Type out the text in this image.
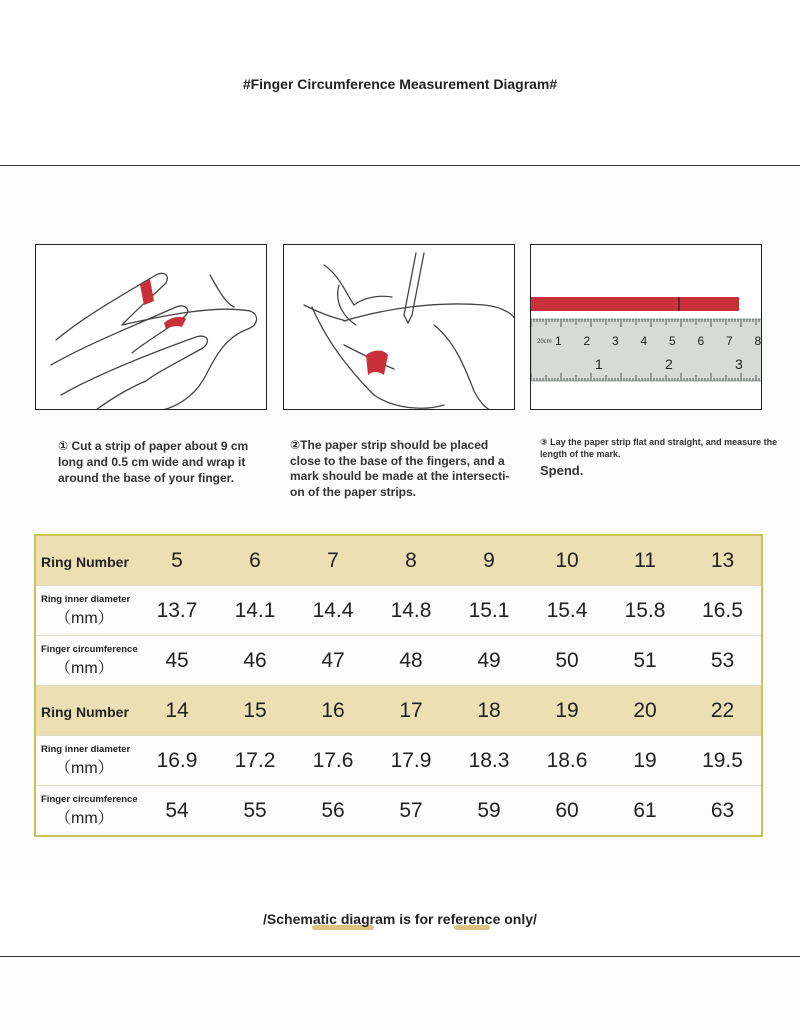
#Finger Circumference Measurement Diagram#
20cm 1 2 3 4 5 6 7 8
1	2	3
① Cut a strip of paper about 9 cm long and 0.5 cm wide and wrap it around the base of your finger.
②The paper strip should be placed close to the base of the fingers, and a mark should be made at the intersecti-on of the paper strips.
③ Lay the paper strip flat and straight, and measure the length of the mark.
Spend.
Ring Number	5	6	7	8	9	10	11	13

Ring inner diameter
（mm）	13.7	14.1	14.4	14.8	15.1	15.4	15.8	16.5

Finger circumference
（mm）	45	46	47	48	49	50	51	53
Ring Number	14	15	16	17	18	19	20	22

Ring inner diameter
（mm）	16.9	17.2	17.6	17.9	18.3	18.6	19	19.5

Finger circumference
（mm）	54	55	56	57	59	60	61	63
/Schematic diagram is for reference only/
